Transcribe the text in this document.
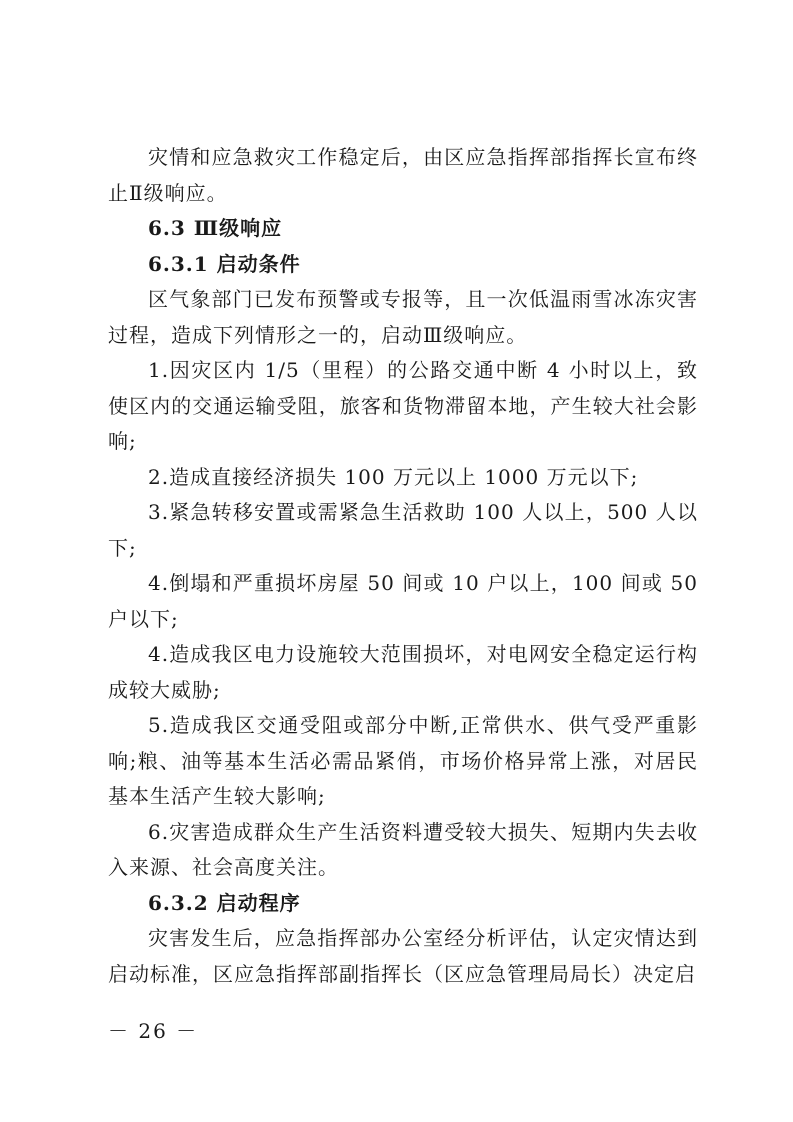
灾情和应急救灾工作稳定后，由区应急指挥部指挥长宣布终止Ⅱ级响应。

6.3 Ⅲ级响应

6.3.1 启动条件

区气象部门已发布预警或专报等，且一次低温雨雪冰冻灾害过程，造成下列情形之一的，启动Ⅲ级响应。

1.因灾区内 1/5（里程）的公路交通中断 4 小时以上，致使区内的交通运输受阻，旅客和货物滞留本地，产生较大社会影响;

2.造成直接经济损失 100 万元以上 1000 万元以下;

3.紧急转移安置或需紧急生活救助 100 人以上，500 人以下;

4.倒塌和严重损坏房屋 50 间或 10 户以上，100 间或 50 户以下;

4.造成我区电力设施较大范围损坏，对电网安全稳定运行构成较大威胁;

5.造成我区交通受阻或部分中断,正常供水、供气受严重影响;粮、油等基本生活必需品紧俏，市场价格异常上涨，对居民基本生活产生较大影响;

6.灾害造成群众生产生活资料遭受较大损失、短期内失去收入来源、社会高度关注。

6.3.2 启动程序

灾害发生后，应急指挥部办公室经分析评估，认定灾情达到启动标准，区应急指挥部副指挥长（区应急管理局局长）决定启

－ 26 －
